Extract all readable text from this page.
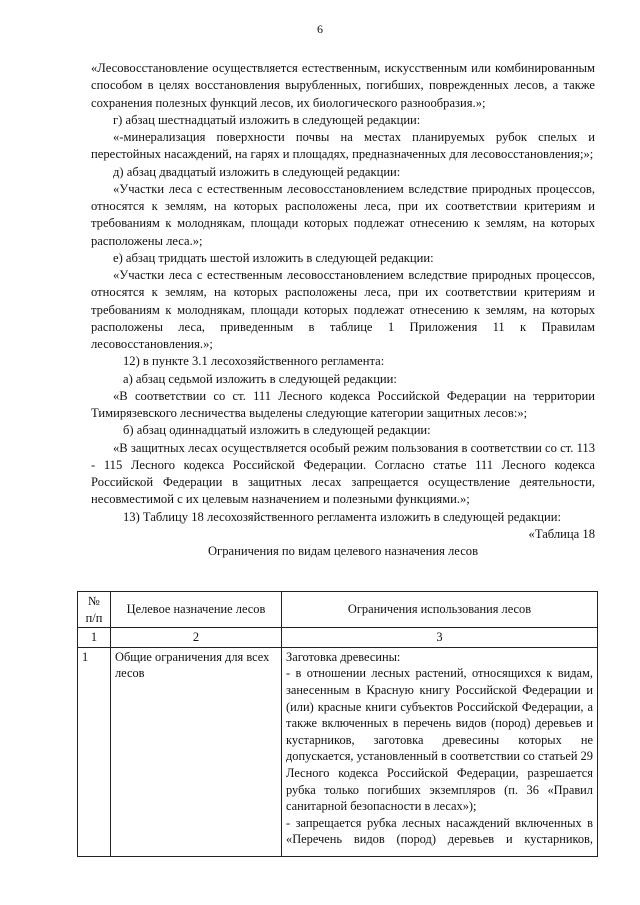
6

«Лесовосстановление осуществляется естественным, искусственным или комбинированным способом в целях восстановления вырубленных, погибших, поврежденных лесов, а также сохранения полезных функций лесов, их биологического разнообразия.»;

г) абзац шестнадцатый изложить в следующей редакции:

«-минерализация поверхности почвы на местах планируемых рубок спелых и перестойных насаждений, на гарях и площадях, предназначенных для лесовосстановления;»;

д) абзац двадцатый изложить в следующей редакции:

«Участки леса с естественным лесовосстановлением вследствие природных процессов, относятся к землям, на которых расположены леса, при их соответствии критериям и требованиям к молоднякам, площади которых подлежат отнесению к землям, на которых расположены леса.»;

е) абзац тридцать шестой изложить в следующей редакции:

«Участки леса с естественным лесовосстановлением вследствие природных процессов, относятся к землям, на которых расположены леса, при их соответствии критериям и требованиям к молоднякам, площади которых подлежат отнесению к землям, на которых расположены леса, приведенным в таблице 1 Приложения 11 к Правилам лесовосстановления.»;

12) в пункте 3.1 лесохозяйственного регламента:

а) абзац седьмой изложить в следующей редакции:

«В соответствии со ст. 111 Лесного кодекса Российской Федерации на территории Тимирязевского лесничества выделены следующие категории защитных лесов:»;

б) абзац одиннадцатый изложить в следующей редакции:

«В защитных лесах осуществляется особый режим пользования в соответствии со ст. 113 - 115 Лесного кодекса Российской Федерации. Согласно статье 111 Лесного кодекса Российской Федерации в защитных лесах запрещается осуществление деятельности, несовместимой с их целевым назначением и полезными функциями.»;

13) Таблицу 18 лесохозяйственного регламента изложить в следующей редакции:

«Таблица 18

Ограничения по видам целевого назначения лесов

№ п/п	Целевое назначение лесов	Ограничения использования лесов
1	2	3
1	Общие ограничения для всех лесов	Заготовка древесины:
- в отношении лесных растений, относящихся к видам, занесенным в Красную книгу Российской Федерации и (или) красные книги субъектов Российской Федерации, а также включенных в перечень видов (пород) деревьев и кустарников, заготовка древесины которых не допускается, установленный в соответствии со статьей 29 Лесного кодекса Российской Федерации, разрешается рубка только погибших экземпляров (п. 36 «Правил санитарной безопасности в лесах»);
- запрещается рубка лесных насаждений включенных в «Перечень видов (пород) деревьев и кустарников,
